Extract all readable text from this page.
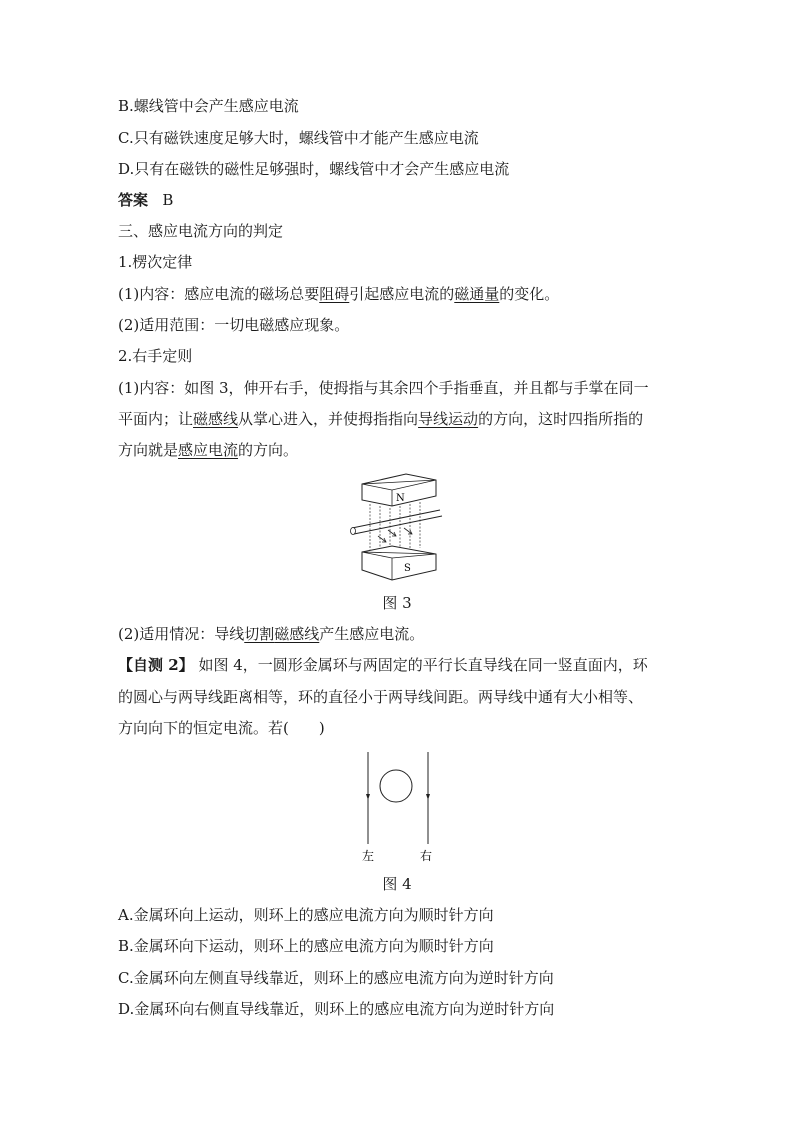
B.螺线管中会产生感应电流
C.只有磁铁速度足够大时，螺线管中才能产生感应电流
D.只有在磁铁的磁性足够强时，螺线管中才会产生感应电流
答案 B
三、感应电流方向的判定
1.楞次定律
(1)内容：感应电流的磁场总要阻碍引起感应电流的磁通量的变化。
(2)适用范围：一切电磁感应现象。
2.右手定则
(1)内容：如图 3，伸开右手，使拇指与其余四个手指垂直，并且都与手掌在同一
平面内；让磁感线从掌心进入，并使拇指指向导线运动的方向，这时四指所指的
方向就是感应电流的方向。
N
S
图 3
(2)适用情况：导线切割磁感线产生感应电流。
【自测 2】 如图 4，一圆形金属环与两固定的平行长直导线在同一竖直面内，环
的圆心与两导线距离相等，环的直径小于两导线间距。两导线中通有大小相等、
方向向下的恒定电流。若(　　)
左	右
图 4
A.金属环向上运动，则环上的感应电流方向为顺时针方向
B.金属环向下运动，则环上的感应电流方向为顺时针方向
C.金属环向左侧直导线靠近，则环上的感应电流方向为逆时针方向
D.金属环向右侧直导线靠近，则环上的感应电流方向为逆时针方向
